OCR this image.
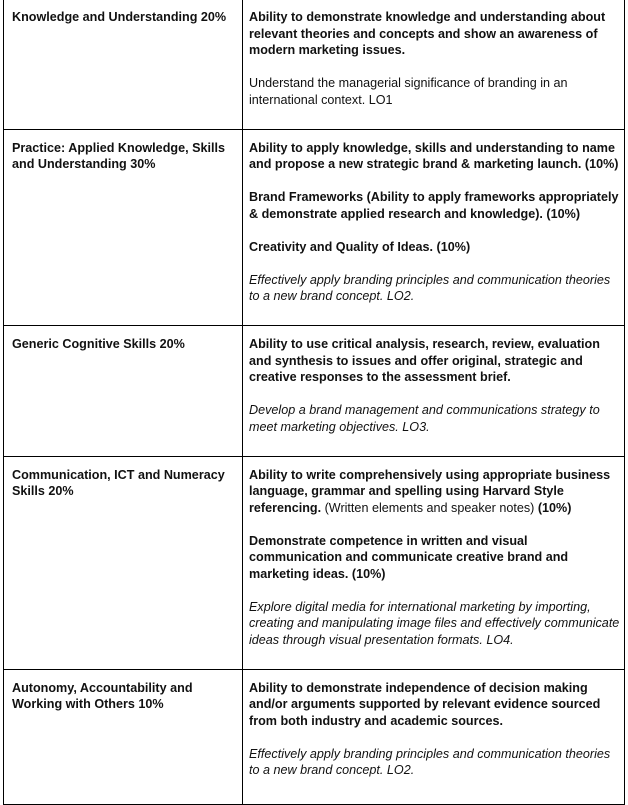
Knowledge and Understanding 20%	Ability to demonstrate knowledge and understanding about relevant theories and concepts and show an awareness of modern marketing issues.

Understand the managerial significance of branding in an international context. LO1

Practice: Applied Knowledge, Skills and Understanding 30%	Ability to apply knowledge, skills and understanding to name and propose a new strategic brand & marketing launch. (10%)

Brand Frameworks (Ability to apply frameworks appropriately & demonstrate applied research and knowledge). (10%)

Creativity and Quality of Ideas. (10%)

Effectively apply branding principles and communication theories to a new brand concept. LO2.

Generic Cognitive Skills 20%	Ability to use critical analysis, research, review, evaluation and synthesis to issues and offer original, strategic and creative responses to the assessment brief.

Develop a brand management and communications strategy to meet marketing objectives. LO3.

Communication, ICT and Numeracy Skills 20%	Ability to write comprehensively using appropriate business language, grammar and spelling using Harvard Style referencing. (Written elements and speaker notes) (10%)

Demonstrate competence in written and visual communication and communicate creative brand and marketing ideas. (10%)

Explore digital media for international marketing by importing, creating and manipulating image files and effectively communicate ideas through visual presentation formats. LO4.

Autonomy, Accountability and Working with Others 10%	Ability to demonstrate independence of decision making and/or arguments supported by relevant evidence sourced from both industry and academic sources.

Effectively apply branding principles and communication theories to a new brand concept. LO2.
